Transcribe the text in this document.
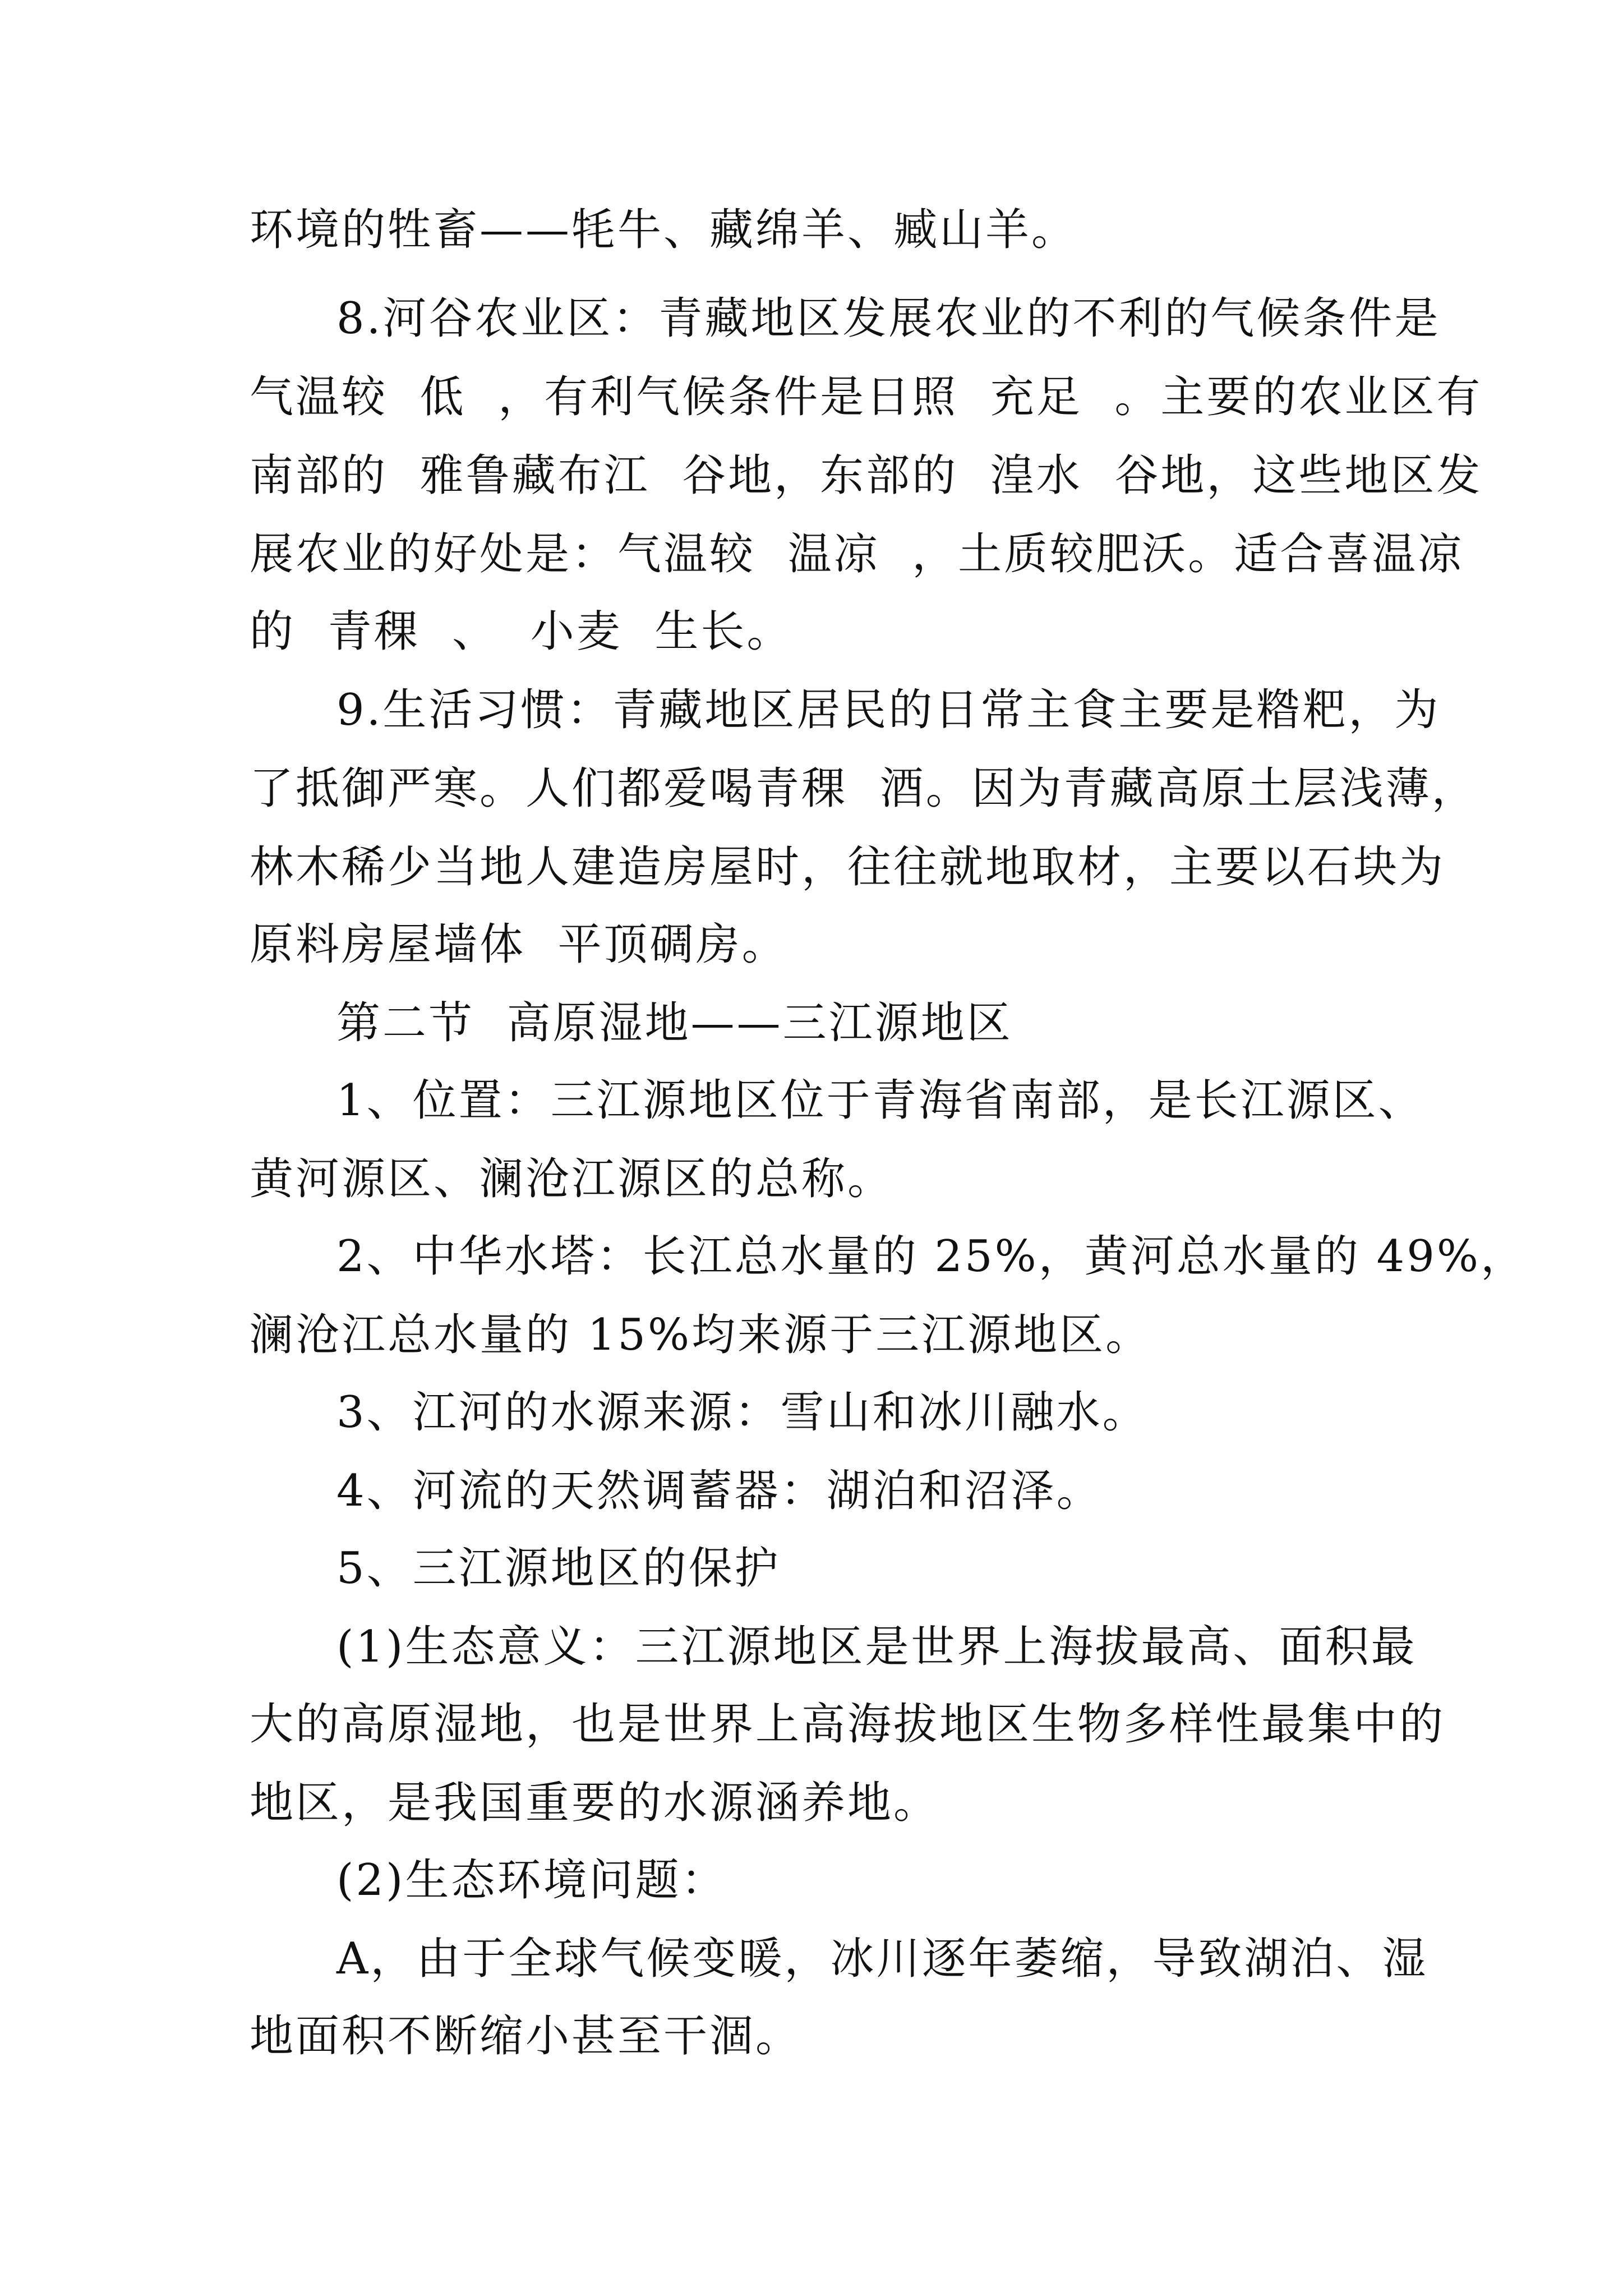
环境的牲畜——牦牛、藏绵羊、臧山羊。
8.河谷农业区：青藏地区发展农业的不利的气候条件是
气温较  低  ，有利气候条件是日照  充足  。主要的农业区有
南部的  雅鲁藏布江  谷地，东部的  湟水  谷地，这些地区发
展农业的好处是：气温较  温凉  ，土质较肥沃。适合喜温凉
的  青稞  、  小麦  生长。
9.生活习惯：青藏地区居民的日常主食主要是糌粑，为
了抵御严寒。人们都爱喝青稞  酒。因为青藏高原土层浅薄，
林木稀少当地人建造房屋时，往往就地取材，主要以石块为
原料房屋墙体  平顶碉房。
第二节  高原湿地——三江源地区
1、位置：三江源地区位于青海省南部，是长江源区、
黄河源区、澜沧江源区的总称。
2、中华水塔：长江总水量的 25%，黄河总水量的 49%，
澜沧江总水量的 15%均来源于三江源地区。
3、江河的水源来源：雪山和冰川融水。
4、河流的天然调蓄器：湖泊和沼泽。
5、三江源地区的保护
(1)生态意义：三江源地区是世界上海拔最高、面积最
大的高原湿地，也是世界上高海拔地区生物多样性最集中的
地区，是我国重要的水源涵养地。
(2)生态环境问题：
A，由于全球气候变暖，冰川逐年萎缩，导致湖泊、湿
地面积不断缩小甚至干涸。
